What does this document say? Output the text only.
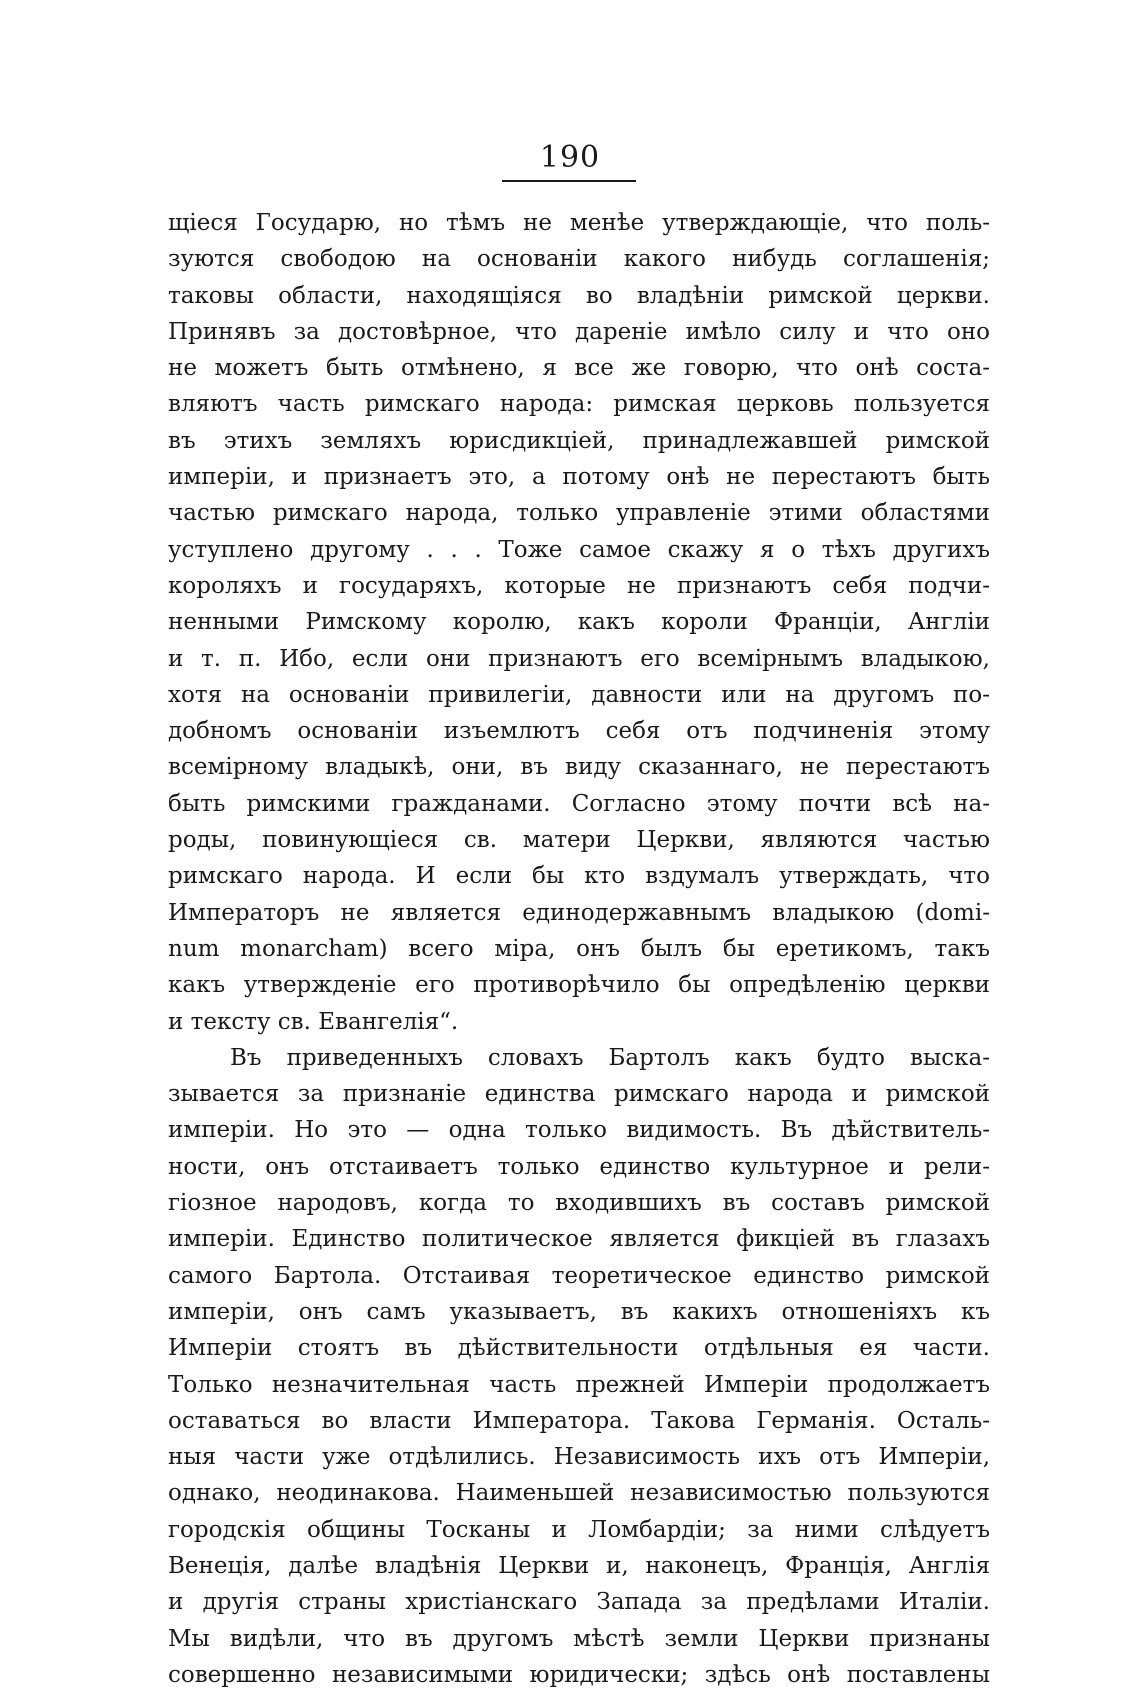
190
щіеся Государю, но тѣмъ не менѣе утверждающіе, что поль-
зуются свободою на основаніи какого нибудь соглашенія;
таковы области, находящіяся во владѣніи римской церкви.
Принявъ за достовѣрное, что дареніе имѣло силу и что оно
не можетъ быть отмѣнено, я все же говорю, что онѣ соста-
вляютъ часть римскаго народа: римская церковь пользуется
въ этихъ земляхъ юрисдикціей, принадлежавшей римской
имперіи, и признаетъ это, а потому онѣ не перестаютъ быть
частью римскаго народа, только управленіе этими областями
уступлено другому . . . Тоже самое скажу я о тѣхъ другихъ
короляхъ и государяхъ, которые не признаютъ себя подчи-
ненными Римскому королю, какъ короли Франціи, Англіи
и т. п. Ибо, если они признаютъ его всемірнымъ владыкою,
хотя на основаніи привилегіи, давности или на другомъ по-
добномъ основаніи изъемлютъ себя отъ подчиненія этому
всемірному владыкѣ, они, въ виду сказаннаго, не перестаютъ
быть римскими гражданами. Согласно этому почти всѣ на-
роды, повинующіеся св. матери Церкви, являются частью
римскаго народа. И если бы кто вздумалъ утверждать, что
Императоръ не является единодержавнымъ владыкою (domi-
num monarcham) всего міра, онъ былъ бы еретикомъ, такъ
какъ утвержденіе его противорѣчило бы опредѣленію церкви
и тексту св. Евангелія“.
Въ приведенныхъ словахъ Бартолъ какъ будто выска-
зывается за признаніе единства римскаго народа и римской
имперіи. Но это — одна только видимость. Въ дѣйствитель-
ности, онъ отстаиваетъ только единство культурное и рели-
гіозное народовъ, когда то входившихъ въ составъ римской
имперіи. Единство политическое является фикціей въ глазахъ
самого Бартола. Отстаивая теоретическое единство римской
имперіи, онъ самъ указываетъ, въ какихъ отношеніяхъ къ
Имперіи стоятъ въ дѣйствительности отдѣльныя ея части.
Только незначительная часть прежней Имперіи продолжаетъ
оставаться во власти Императора. Такова Германія. Осталь-
ныя части уже отдѣлились. Независимость ихъ отъ Имперіи,
однако, неодинакова. Наименьшей независимостью пользуются
городскія общины Тосканы и Ломбардіи; за ними слѣдуетъ
Венеція, далѣе владѣнія Церкви и, наконецъ, Франція, Англія
и другія страны христіанскаго Запада за предѣлами Италіи.
Мы видѣли, что въ другомъ мѣстѣ земли Церкви признаны
совершенно независимыми юридически; здѣсь онѣ поставлены
